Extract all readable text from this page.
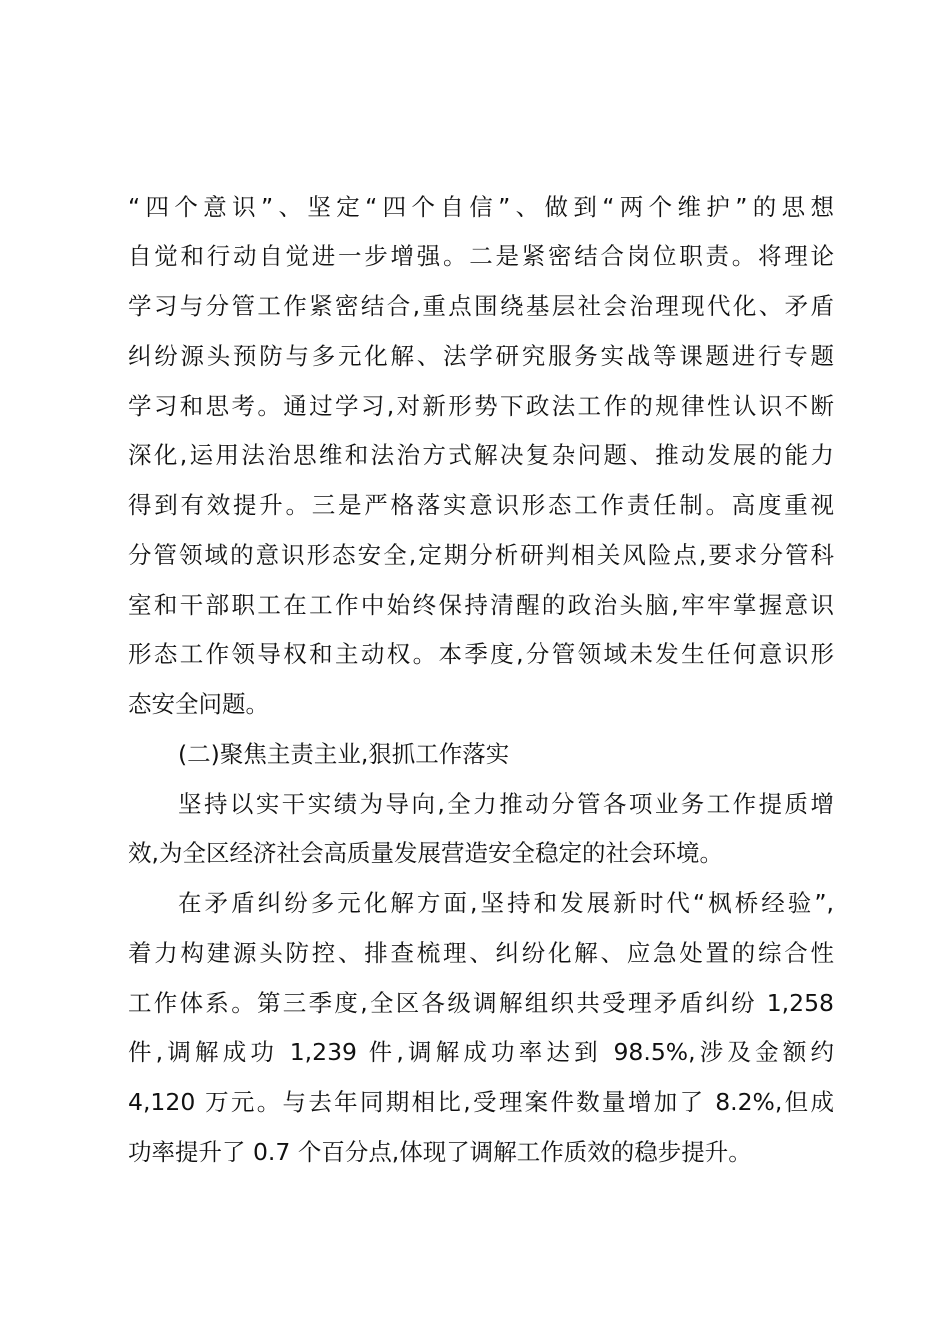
“四个意识”、坚定“四个自信”、做到“两个维护”的思想
自觉和行动自觉进一步增强。二是紧密结合岗位职责。将理论
学习与分管工作紧密结合,重点围绕基层社会治理现代化、矛盾
纠纷源头预防与多元化解、法学研究服务实战等课题进行专题
学习和思考。通过学习,对新形势下政法工作的规律性认识不断
深化,运用法治思维和法治方式解决复杂问题、推动发展的能力
得到有效提升。三是严格落实意识形态工作责任制。高度重视
分管领域的意识形态安全,定期分析研判相关风险点,要求分管科
室和干部职工在工作中始终保持清醒的政治头脑,牢牢掌握意识
形态工作领导权和主动权。本季度,分管领域未发生任何意识形
态安全问题。
(二)聚焦主责主业,狠抓工作落实
坚持以实干实绩为导向,全力推动分管各项业务工作提质增
效,为全区经济社会高质量发展营造安全稳定的社会环境。
在矛盾纠纷多元化解方面,坚持和发展新时代“枫桥经验”,
着力构建源头防控、排查梳理、纠纷化解、应急处置的综合性
工作体系。第三季度,全区各级调解组织共受理矛盾纠纷 1,258
件,调解成功 1,239 件,调解成功率达到 98.5%,涉及金额约
4,120 万元。与去年同期相比,受理案件数量增加了 8.2%,但成
功率提升了 0.7 个百分点,体现了调解工作质效的稳步提升。
